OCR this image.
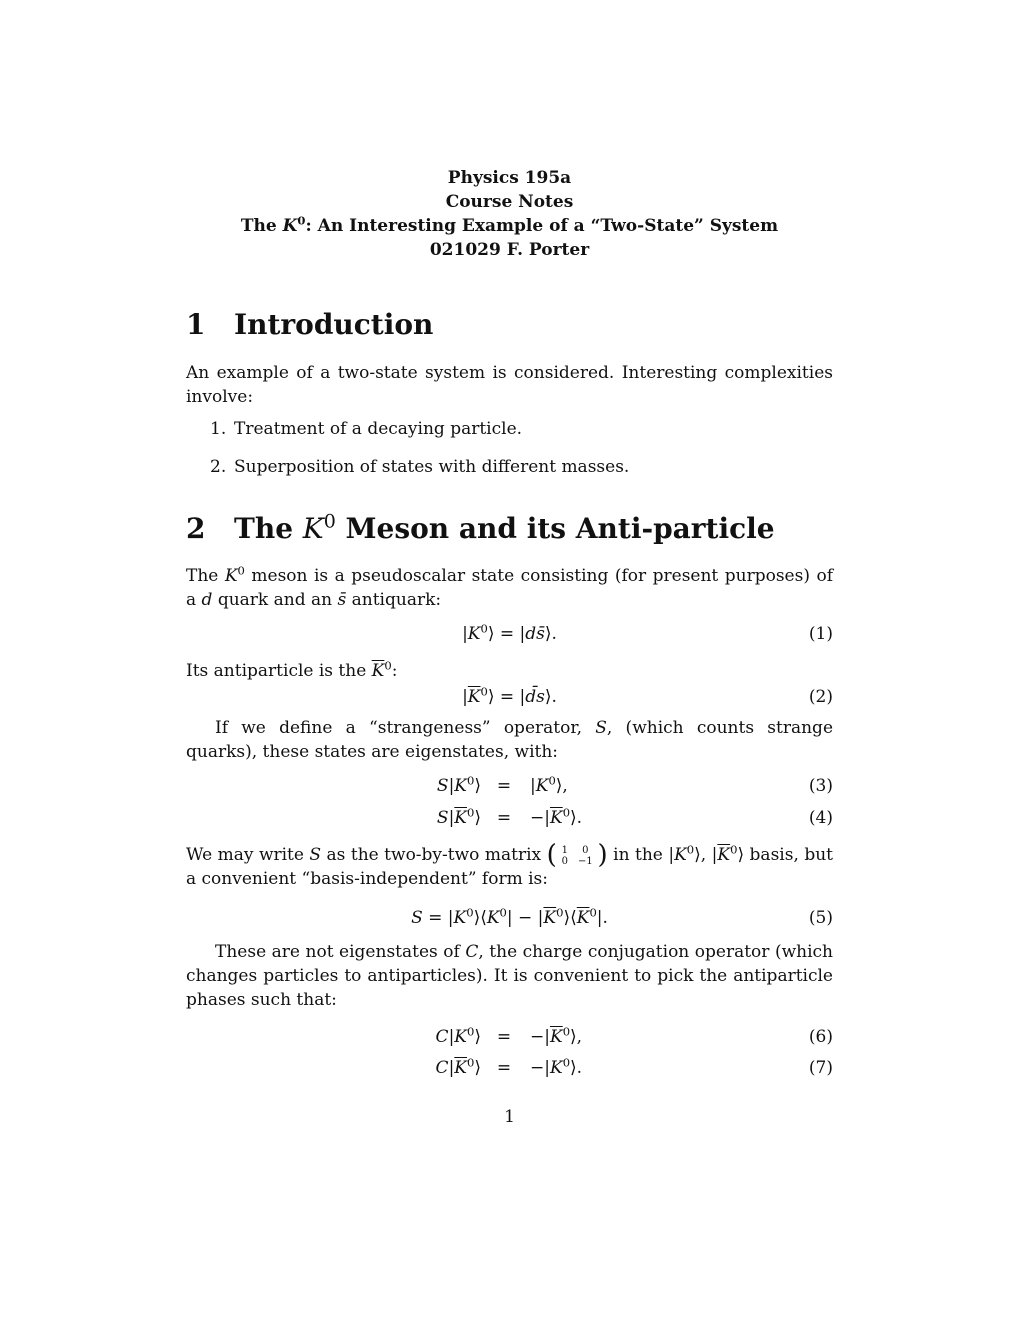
Physics 195a
Course Notes
The $K^0$: An Interesting Example of a “Two-State” System
021029 F. Porter
1 Introduction
An example of a two-state system is considered. Interesting complexities involve:
1. Treatment of a decaying particle.
2. Superposition of states with different masses.
2 The $K^0$ Meson and its Anti-particle
The $K^0$ meson is a pseudoscalar state consisting (for present purposes) of a d quark and an s̄ antiquark:
$|K^0⟩$ = |ds̄⟩.	(1)
Its antiparticle is the $\overline{K}^0$:
$|\overline{K}^0⟩$ = |d̄s⟩.	(2)
If we define a “strangeness” operator, S, (which counts strange quarks), these states are eigenstates, with:
$S|K^0⟩$ =	$|K^0⟩$,	(3)
$S|\overline{K}^0⟩$ =	$-|\overline{K}^0⟩$.	(4)
We may write S as the two-by-two matrix ( 1	0
0	−1 ) in the $|K^0⟩$, $|\overline{K}^0⟩$ basis, but a convenient “basis-independent” form is:
$S = |K^0⟩⟨K^0|$ − $|\overline{K}^0⟩⟨\overline{K}^0|$.	(5)
These are not eigenstates of C, the charge conjugation operator (which changes particles to antiparticles). It is convenient to pick the antiparticle phases such that:
$C|K^0⟩$ =	$-|\overline{K}^0⟩$,	(6)
$C|\overline{K}^0⟩$ =	$-|K^0⟩$.	(7)
1
